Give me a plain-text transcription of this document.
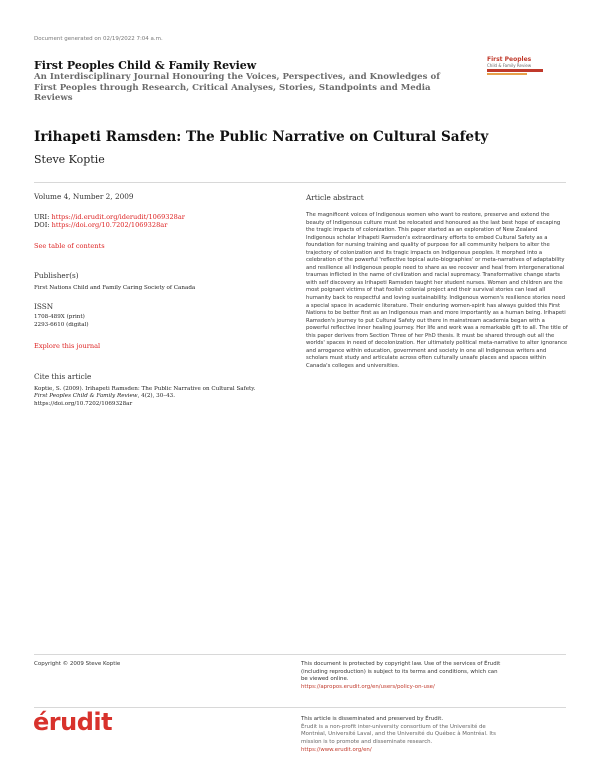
Document generated on 02/19/2022 7:04 a.m.
First Peoples Child & Family Review
An Interdisciplinary Journal Honouring the Voices, Perspectives, and Knowledges of First Peoples through Research, Critical Analyses, Stories, Standpoints and Media Reviews
First Peoples
Child & Family Review
Irihapeti Ramsden: The Public Narrative on Cultural Safety
Steve Koptie
Volume 4, Number 2, 2009
URI: https://id.erudit.org/iderudit/1069328ar
DOI: https://doi.org/10.7202/1069328ar
See table of contents
Publisher(s)
First Nations Child and Family Caring Society of Canada
ISSN
1708-489X (print)
2293-6610 (digital)
Explore this journal
Cite this article
Koptie, S. (2009). Irihapeti Ramsden: The Public Narrative on Cultural Safety.
First Peoples Child & Family Review, 4(2), 30–43.
https://doi.org/10.7202/1069328ar
Article abstract
The magnificent voices of Indigenous women who want to restore, preserve and extend the beauty of Indigenous culture must be relocated and honoured as the last best hope of escaping the tragic impacts of colonization. This paper started as an exploration of New Zealand Indigenous scholar Irihapeti Ramsden's extraordinary efforts to embed Cultural Safety as a foundation for nursing training and quality of purpose for all community helpers to alter the trajectory of colonization and its tragic impacts on Indigenous peoples. It morphed into a celebration of the powerful 'reflective topical auto-biographies' or meta-narratives of adaptability and resilience all Indigenous people need to share as we recover and heal from intergenerational traumas inflicted in the name of civilization and racial supremacy. Transformative change starts with self discovery as Irihapeti Ramsden taught her student nurses. Women and children are the most poignant victims of that foolish colonial project and their survival stories can lead all humanity back to respectful and loving sustainability. Indigenous women's resilience stories need a special space in academic literature. Their enduring women-spirit has always guided this First Nations to be better first as an Indigenous man and more importantly as a human being. Irihapeti Ramsden's journey to put Cultural Safety out there in mainstream academia began with a powerful reflective inner healing journey. Her life and work was a remarkable gift to all. The title of this paper derives from Section Three of her PhD thesis. It must be shared through out all the worlds' spaces in need of decolonization. Her ultimately political meta-narrative to alter ignorance and arrogance within education, government and society in one all Indigenous writers and scholars must study and articulate across often culturally unsafe places and spaces within Canada's colleges and universities.
Copyright © 2009 Steve Koptie	This document is protected by copyright law. Use of the services of Érudit (including reproduction) is subject to its terms and conditions, which can be viewed online.
https://apropos.erudit.org/en/users/policy-on-use/
érudit	This article is disseminated and preserved by Érudit.
Érudit is a non-profit inter-university consortium of the Université de Montréal, Université Laval, and the Université du Québec à Montréal. Its mission is to promote and disseminate research.
https://www.erudit.org/en/
